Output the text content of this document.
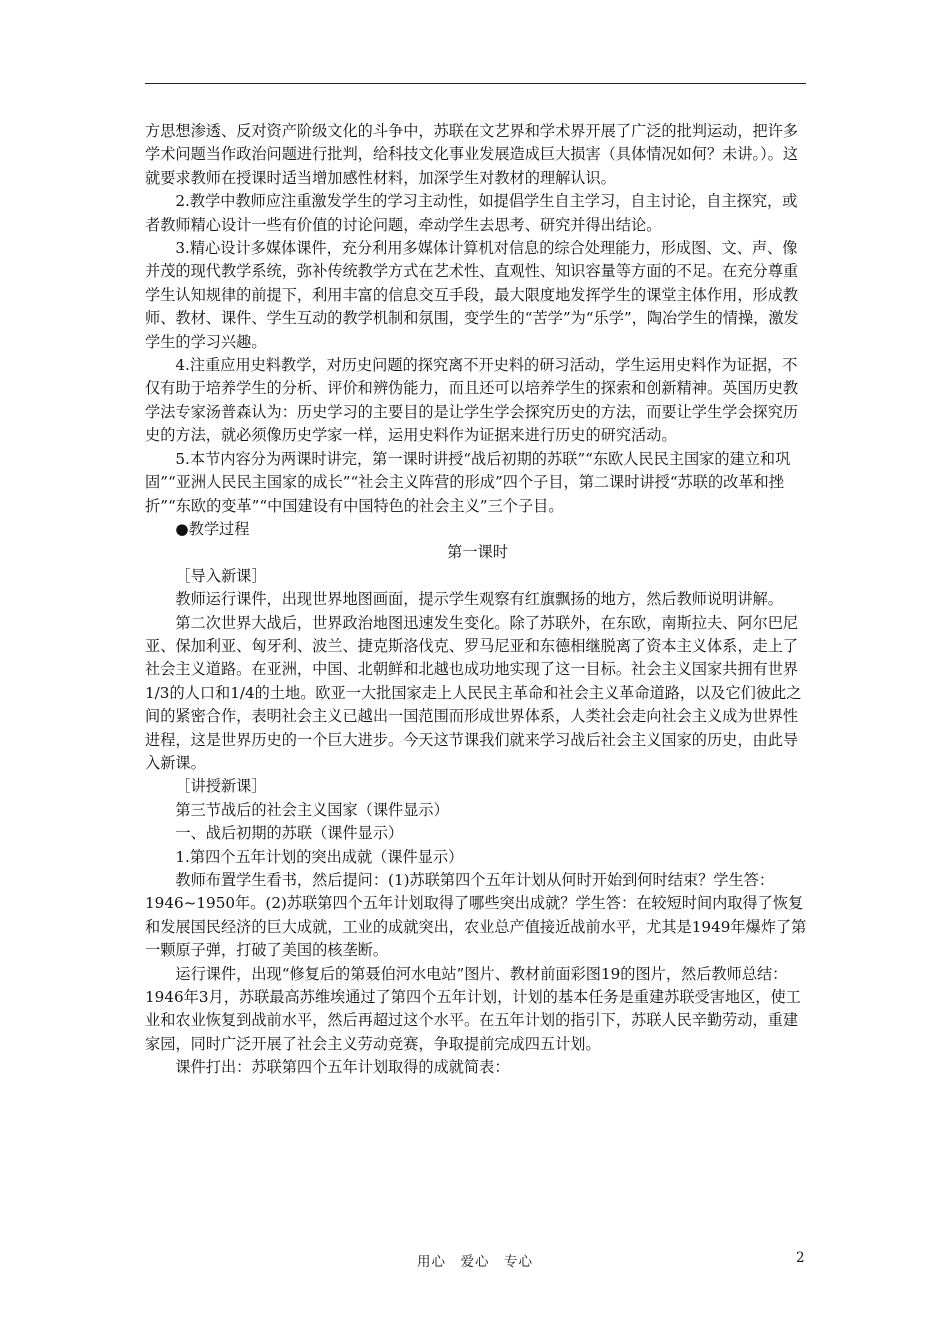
方思想渗透、反对资产阶级文化的斗争中，苏联在文艺界和学术界开展了广泛的批判运动，把许多学术问题当作政治问题进行批判，给科技文化事业发展造成巨大损害（具体情况如何？未讲。）。这就要求教师在授课时适当增加感性材料，加深学生对教材的理解认识。

2.教学中教师应注重激发学生的学习主动性，如提倡学生自主学习，自主讨论，自主探究，或者教师精心设计一些有价值的讨论问题，牵动学生去思考、研究并得出结论。

3.精心设计多媒体课件，充分利用多媒体计算机对信息的综合处理能力，形成图、文、声、像并茂的现代教学系统，弥补传统教学方式在艺术性、直观性、知识容量等方面的不足。在充分尊重学生认知规律的前提下，利用丰富的信息交互手段，最大限度地发挥学生的课堂主体作用，形成教师、教材、课件、学生互动的教学机制和氛围，变学生的“苦学”为“乐学”，陶冶学生的情操，激发学生的学习兴趣。

4.注重应用史料教学，对历史问题的探究离不开史料的研习活动，学生运用史料作为证据，不仅有助于培养学生的分析、评价和辨伪能力，而且还可以培养学生的探索和创新精神。英国历史教学法专家汤普森认为：历史学习的主要目的是让学生学会探究历史的方法，而要让学生学会探究历史的方法，就必须像历史学家一样，运用史料作为证据来进行历史的研究活动。

5.本节内容分为两课时讲完，第一课时讲授“战后初期的苏联”“东欧人民民主国家的建立和巩固”“亚洲人民民主国家的成长”“社会主义阵营的形成”四个子目，第二课时讲授“苏联的改革和挫折”“东欧的变革”“中国建设有中国特色的社会主义”三个子目。

●教学过程

第一课时

［导入新课］

教师运行课件，出现世界地图画面，提示学生观察有红旗飘扬的地方，然后教师说明讲解。

第二次世界大战后，世界政治地图迅速发生变化。除了苏联外，在东欧，南斯拉夫、阿尔巴尼亚、保加利亚、匈牙利、波兰、捷克斯洛伐克、罗马尼亚和东德相继脱离了资本主义体系，走上了社会主义道路。在亚洲，中国、北朝鲜和北越也成功地实现了这一目标。社会主义国家共拥有世界1/3的人口和1/4的土地。欧亚一大批国家走上人民民主革命和社会主义革命道路，以及它们彼此之间的紧密合作，表明社会主义已越出一国范围而形成世界体系，人类社会走向社会主义成为世界性进程，这是世界历史的一个巨大进步。今天这节课我们就来学习战后社会主义国家的历史，由此导入新课。

［讲授新课］

第三节战后的社会主义国家（课件显示）

一、战后初期的苏联（课件显示）

1.第四个五年计划的突出成就（课件显示）

教师布置学生看书，然后提问：(1)苏联第四个五年计划从何时开始到何时结束？学生答：1946~1950年。(2)苏联第四个五年计划取得了哪些突出成就？学生答：在较短时间内取得了恢复和发展国民经济的巨大成就，工业的成就突出，农业总产值接近战前水平，尤其是1949年爆炸了第一颗原子弹，打破了美国的核垄断。

运行课件，出现“修复后的第聂伯河水电站”图片、教材前面彩图19的图片，然后教师总结：1946年3月，苏联最高苏维埃通过了第四个五年计划，计划的基本任务是重建苏联受害地区，使工业和农业恢复到战前水平，然后再超过这个水平。在五年计划的指引下，苏联人民辛勤劳动，重建家园，同时广泛开展了社会主义劳动竞赛，争取提前完成四五计划。

课件打出：苏联第四个五年计划取得的成就简表：

用心　爱心　专心	2
